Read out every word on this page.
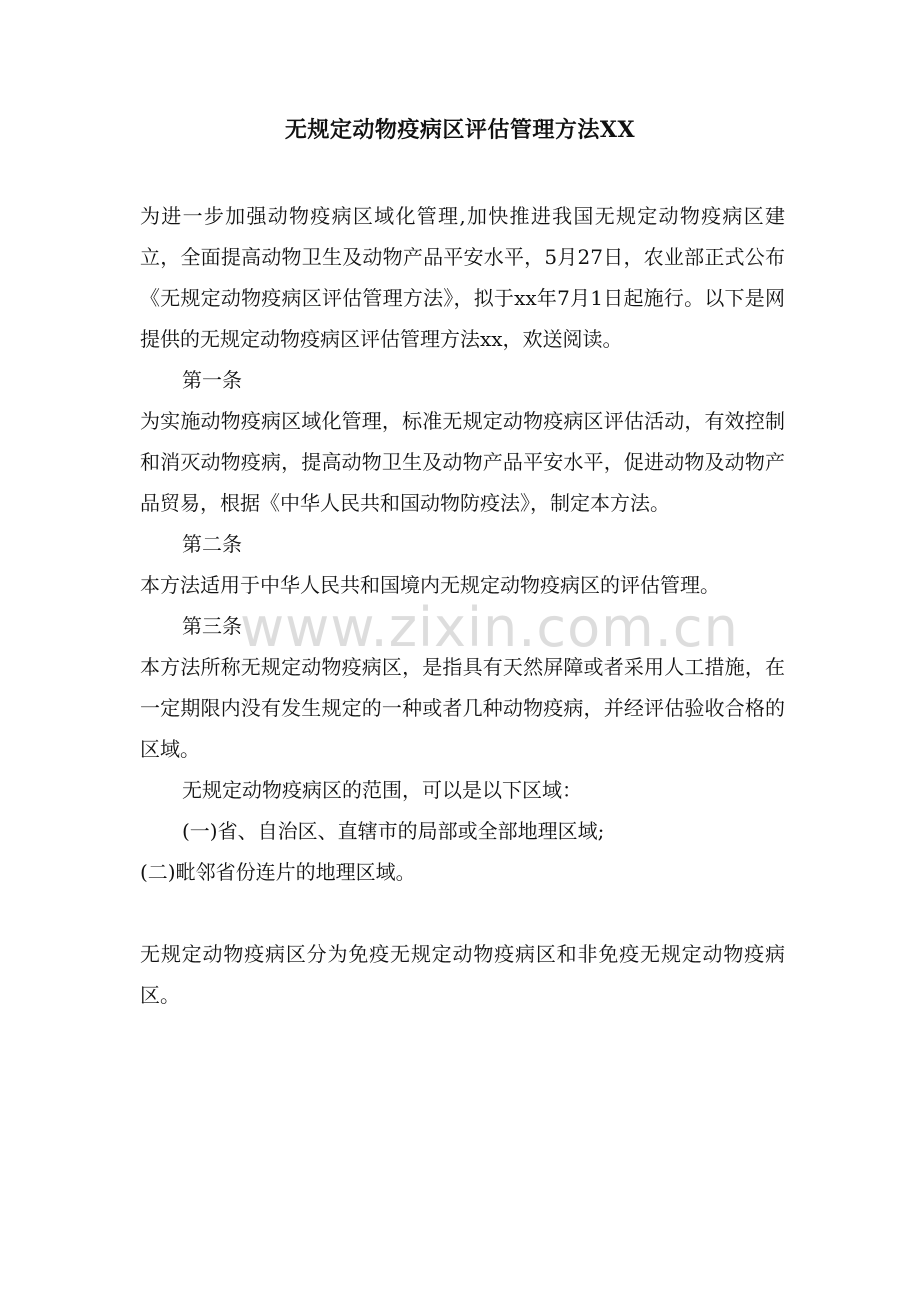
无规定动物疫病区评估管理方法XX

为进一步加强动物疫病区域化管理,加快推进我国无规定动物疫病区建立，全面提高动物卫生及动物产品平安水平，5月27日，农业部正式公布《无规定动物疫病区评估管理方法》，拟于xx年7月1日起施行。以下是网提供的无规定动物疫病区评估管理方法xx，欢送阅读。

第一条

为实施动物疫病区域化管理，标准无规定动物疫病区评估活动，有效控制和消灭动物疫病，提高动物卫生及动物产品平安水平，促进动物及动物产品贸易，根据《中华人民共和国动物防疫法》，制定本方法。

第二条

本方法适用于中华人民共和国境内无规定动物疫病区的评估管理。

第三条

本方法所称无规定动物疫病区，是指具有天然屏障或者采用人工措施，在一定期限内没有发生规定的一种或者几种动物疫病，并经评估验收合格的区域。

无规定动物疫病区的范围，可以是以下区域：

(一)省、自治区、直辖市的局部或全部地理区域;

(二)毗邻省份连片的地理区域。

无规定动物疫病区分为免疫无规定动物疫病区和非免疫无规定动物疫病区。

www.zixin.com.cn
